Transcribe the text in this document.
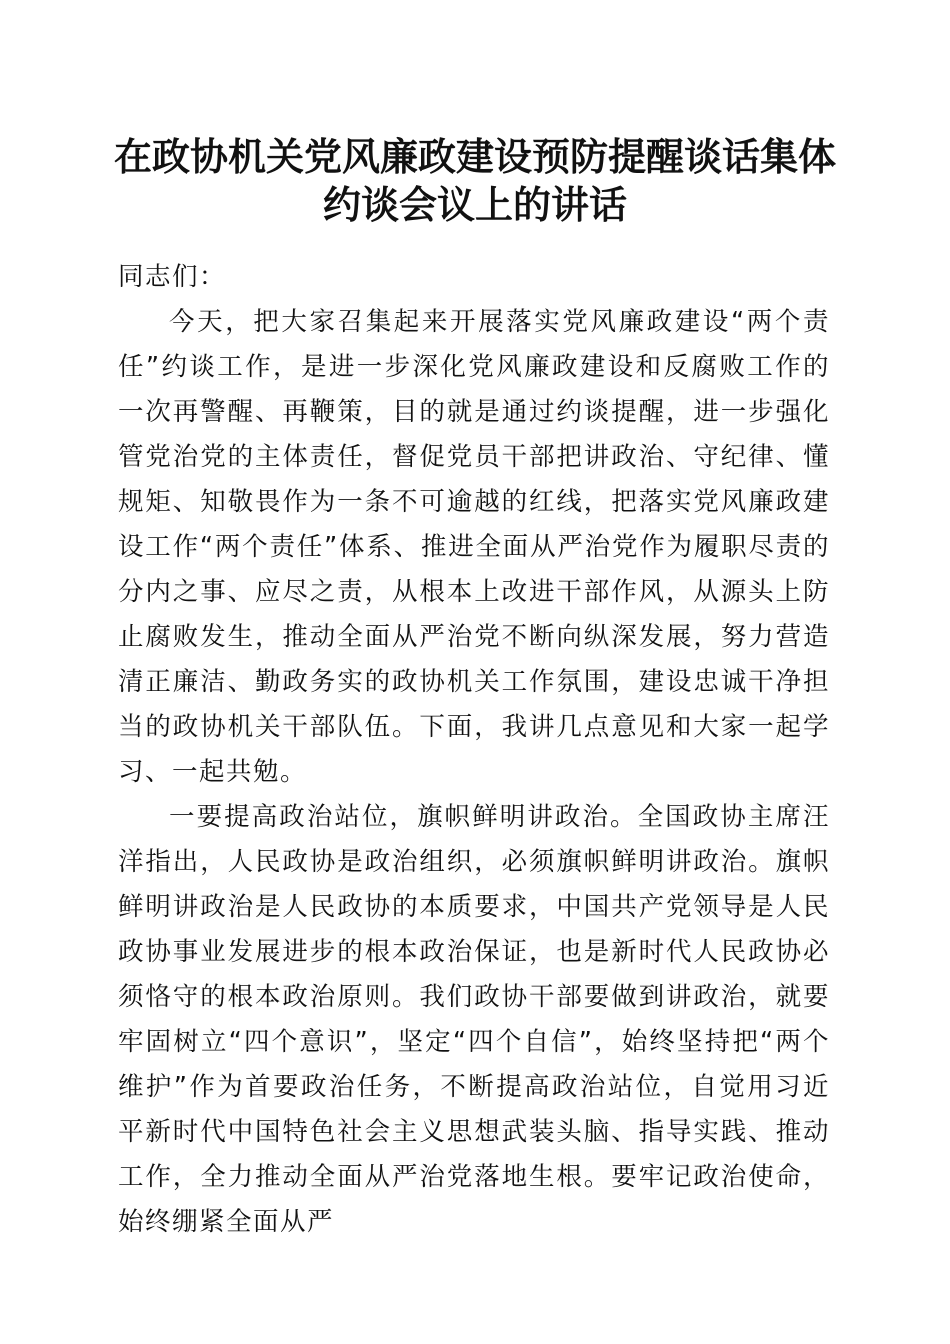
在政协机关党风廉政建设预防提醒谈话集体约谈会议上的讲话

同志们：

今天，把大家召集起来开展落实党风廉政建设“两个责任”约谈工作，是进一步深化党风廉政建设和反腐败工作的一次再警醒、再鞭策，目的就是通过约谈提醒，进一步强化管党治党的主体责任，督促党员干部把讲政治、守纪律、懂规矩、知敬畏作为一条不可逾越的红线，把落实党风廉政建设工作“两个责任”体系、推进全面从严治党作为履职尽责的分内之事、应尽之责，从根本上改进干部作风，从源头上防止腐败发生，推动全面从严治党不断向纵深发展，努力营造清正廉洁、勤政务实的政协机关工作氛围，建设忠诚干净担当的政协机关干部队伍。下面，我讲几点意见和大家一起学习、一起共勉。

一要提高政治站位，旗帜鲜明讲政治。全国政协主席汪洋指出，人民政协是政治组织，必须旗帜鲜明讲政治。旗帜鲜明讲政治是人民政协的本质要求，中国共产党领导是人民政协事业发展进步的根本政治保证，也是新时代人民政协必须恪守的根本政治原则。我们政协干部要做到讲政治，就要牢固树立“四个意识”，坚定“四个自信”，始终坚持把“两个维护”作为首要政治任务，不断提高政治站位，自觉用习近平新时代中国特色社会主义思想武装头脑、指导实践、推动工作，全力推动全面从严治党落地生根。要牢记政治使命，始终绷紧全面从严
